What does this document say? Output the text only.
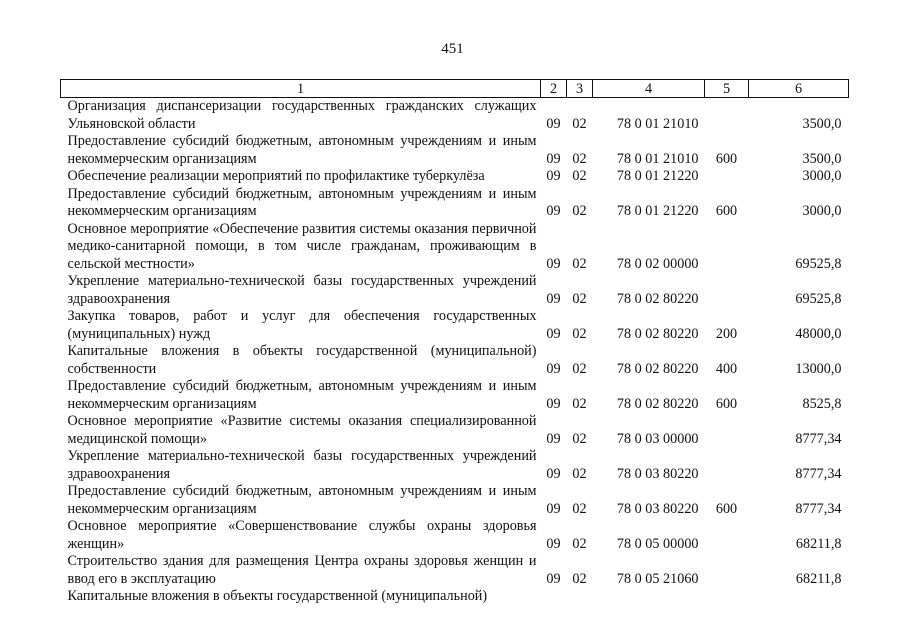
451
1	2	3	4	5	6
Организация диспансеризации государственных гражданских служащих Ульяновской области	09	02	78 0 01 21010		3500,0
Предоставление субсидий бюджетным, автономным учреждениям и иным некоммерческим организациям	09	02	78 0 01 21010	600	3500,0
Обеспечение реализации мероприятий по профилактике туберкулёза	09	02	78 0 01 21220		3000,0
Предоставление субсидий бюджетным, автономным учреждениям и иным некоммерческим организациям	09	02	78 0 01 21220	600	3000,0
Основное мероприятие «Обеспечение развития системы оказания первичной медико-санитарной помощи, в том числе гражданам, проживающим в сельской местности»	09	02	78 0 02 00000		69525,8
Укрепление материально-технической базы государственных учреждений здравоохранения	09	02	78 0 02 80220		69525,8
Закупка товаров, работ и услуг для обеспечения государственных (муниципальных) нужд	09	02	78 0 02 80220	200	48000,0
Капитальные вложения в объекты государственной (муниципальной) собственности	09	02	78 0 02 80220	400	13000,0
Предоставление субсидий бюджетным, автономным учреждениям и иным некоммерческим организациям	09	02	78 0 02 80220	600	8525,8
Основное мероприятие «Развитие системы оказания специализированной медицинской помощи»	09	02	78 0 03 00000		8777,34
Укрепление материально-технической базы государственных учреждений здравоохранения	09	02	78 0 03 80220		8777,34
Предоставление субсидий бюджетным, автономным учреждениям и иным некоммерческим организациям	09	02	78 0 03 80220	600	8777,34
Основное мероприятие «Совершенствование службы охраны здоровья женщин»	09	02	78 0 05 00000		68211,8
Строительство здания для размещения Центра охраны здоровья женщин и ввод его в эксплуатацию	09	02	78 0 05 21060		68211,8
Капитальные вложения в объекты государственной (муниципальной)					
